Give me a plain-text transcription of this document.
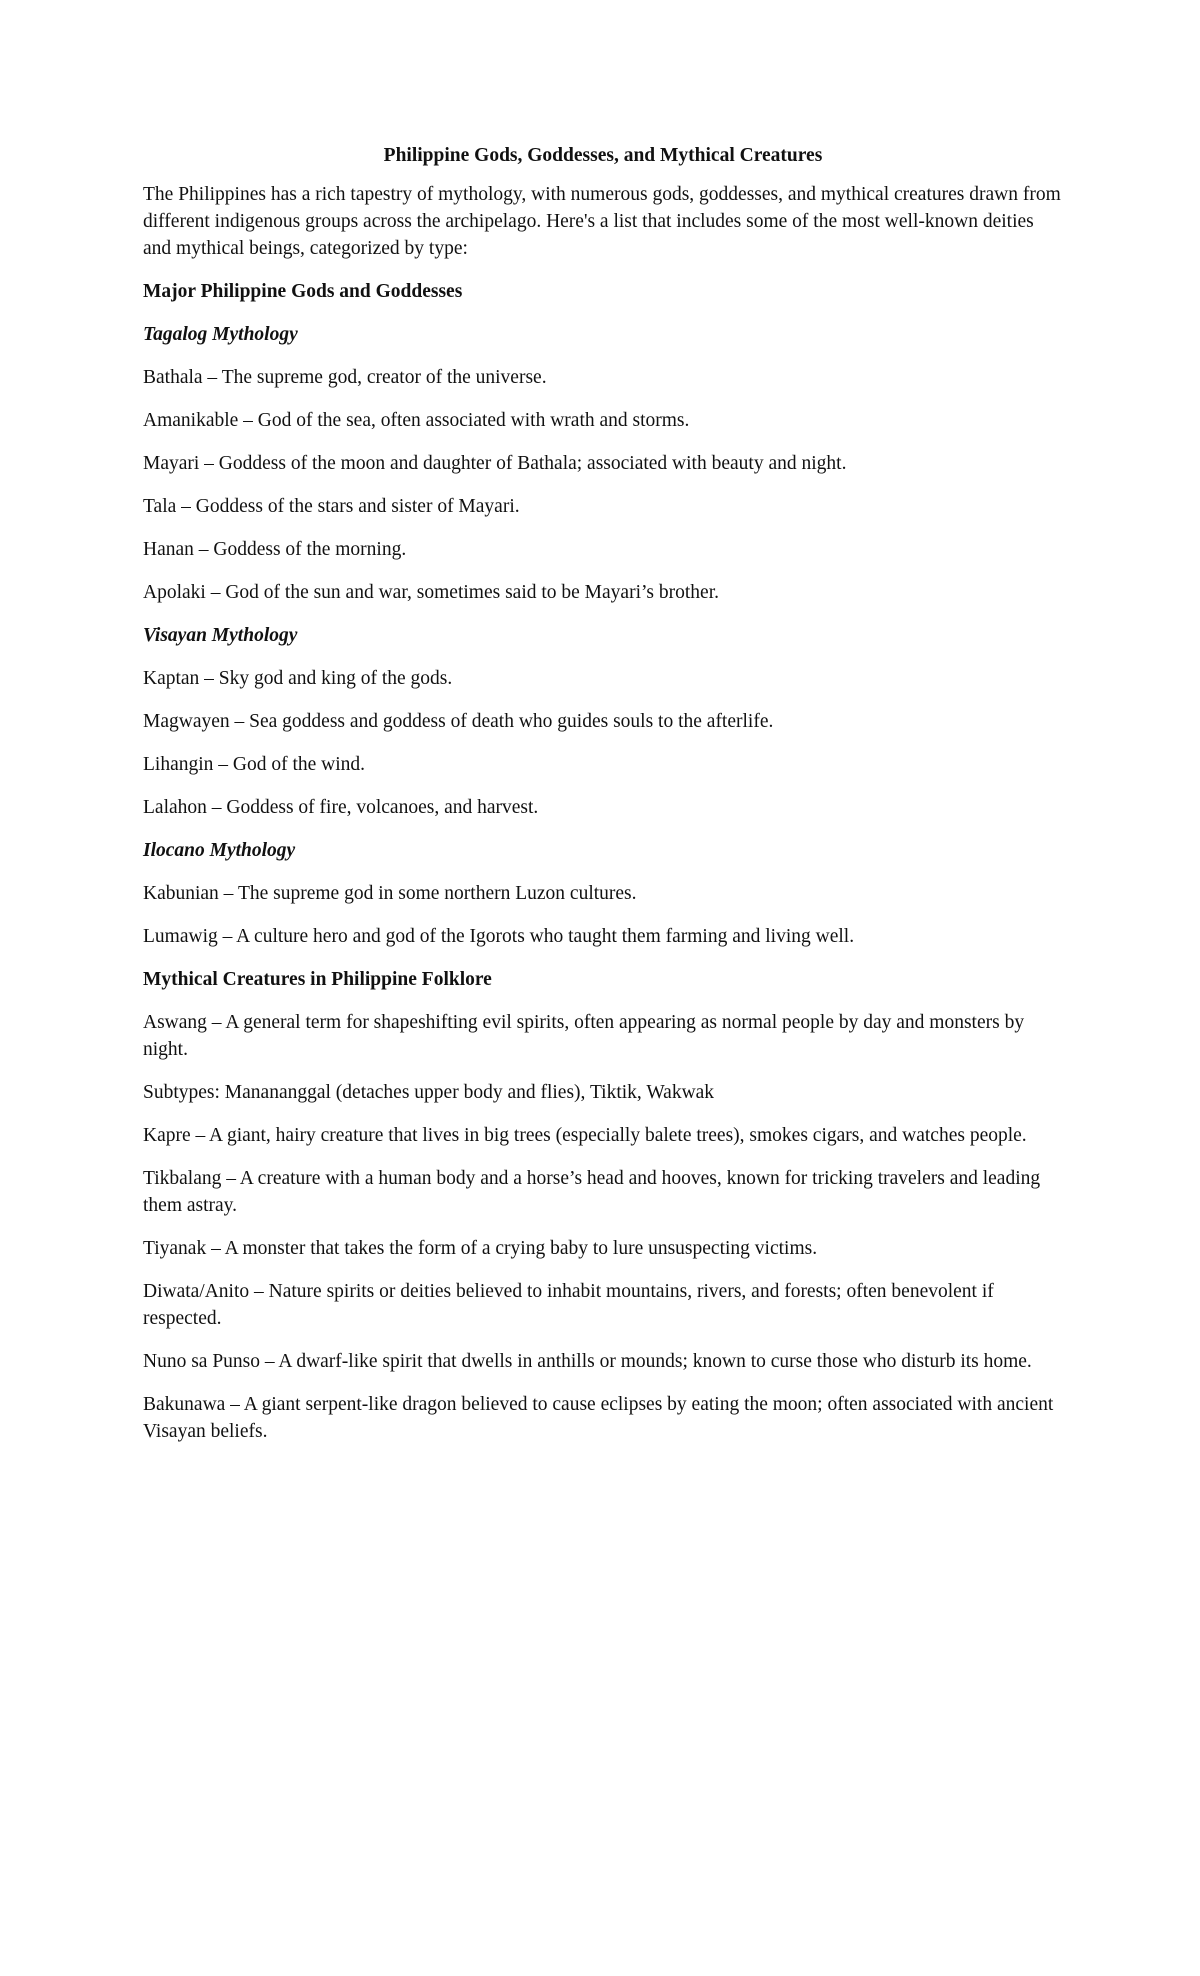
Philippine Gods, Goddesses, and Mythical Creatures

The Philippines has a rich tapestry of mythology, with numerous gods, goddesses, and mythical creatures drawn from different indigenous groups across the archipelago. Here's a list that includes some of the most well-known deities and mythical beings, categorized by type:

Major Philippine Gods and Goddesses
Tagalog Mythology

Bathala – The supreme god, creator of the universe.

Amanikable – God of the sea, often associated with wrath and storms.

Mayari – Goddess of the moon and daughter of Bathala; associated with beauty and night.

Tala – Goddess of the stars and sister of Mayari.

Hanan – Goddess of the morning.

Apolaki – God of the sun and war, sometimes said to be Mayari’s brother.

Visayan Mythology

Kaptan – Sky god and king of the gods.

Magwayen – Sea goddess and goddess of death who guides souls to the afterlife.

Lihangin – God of the wind.

Lalahon – Goddess of fire, volcanoes, and harvest.

Ilocano Mythology

Kabunian – The supreme god in some northern Luzon cultures.

Lumawig – A culture hero and god of the Igorots who taught them farming and living well.

Mythical Creatures in Philippine Folklore

Aswang – A general term for shapeshifting evil spirits, often appearing as normal people by day and monsters by night.

Subtypes: Manananggal (detaches upper body and flies), Tiktik, Wakwak

Kapre – A giant, hairy creature that lives in big trees (especially balete trees), smokes cigars, and watches people.

Tikbalang – A creature with a human body and a horse’s head and hooves, known for tricking travelers and leading them astray.

Tiyanak – A monster that takes the form of a crying baby to lure unsuspecting victims.

Diwata/Anito – Nature spirits or deities believed to inhabit mountains, rivers, and forests; often benevolent if respected.

Nuno sa Punso – A dwarf-like spirit that dwells in anthills or mounds; known to curse those who disturb its home.

Bakunawa – A giant serpent-like dragon believed to cause eclipses by eating the moon; often associated with ancient Visayan beliefs.
